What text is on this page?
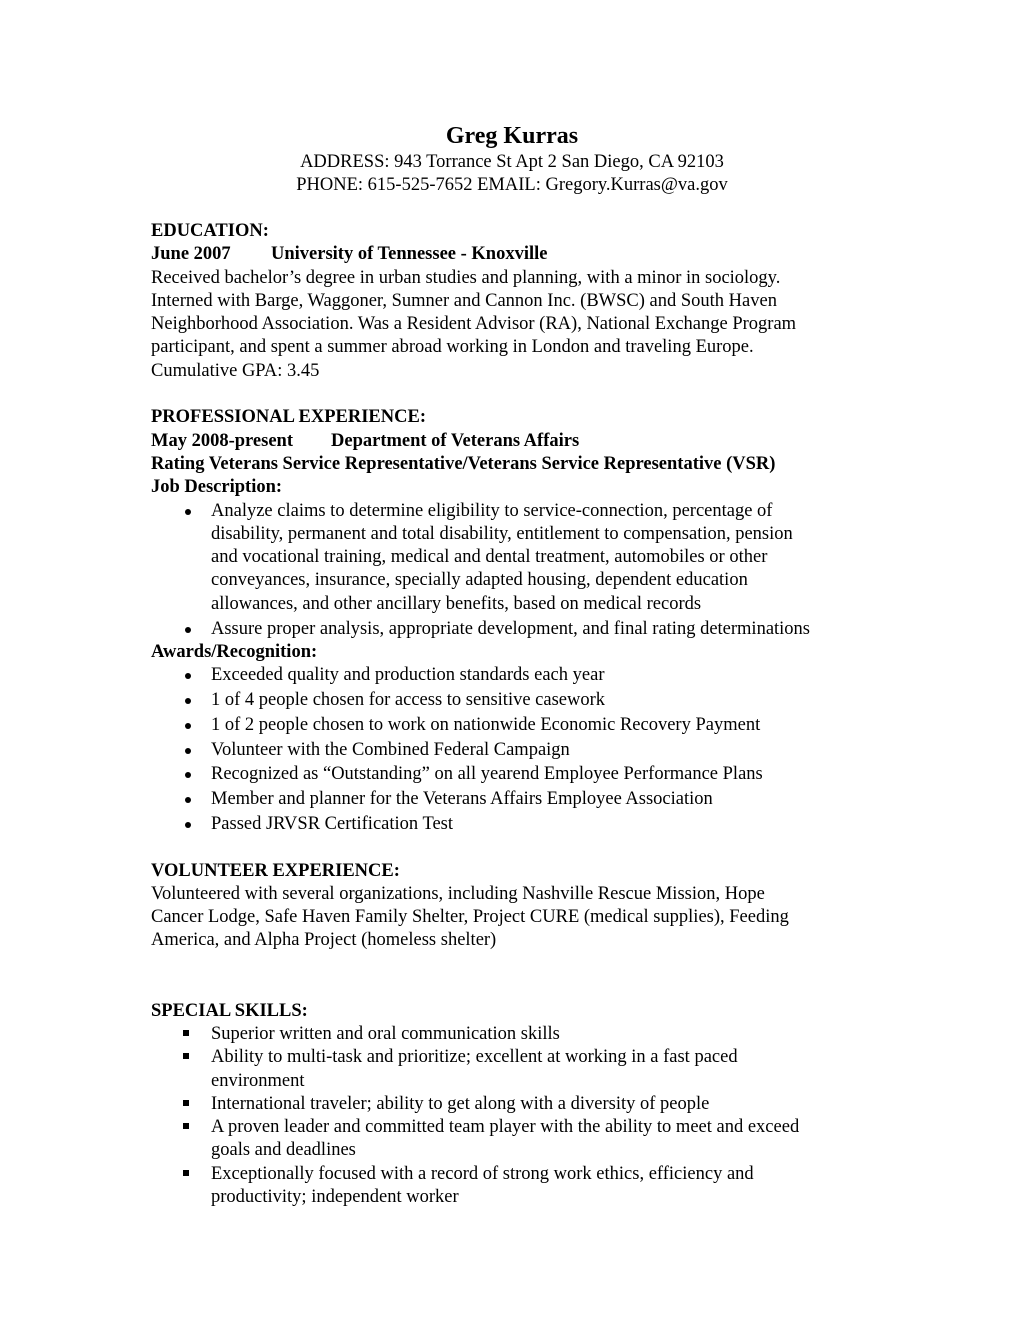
Greg Kurras
ADDRESS: 943 Torrance St Apt 2 San Diego, CA 92103
PHONE: 615-525-7652 EMAIL: Gregory.Kurras@va.gov
EDUCATION:
June 2007 University of Tennessee - Knoxville
Received bachelor’s degree in urban studies and planning, with a minor in sociology.
Interned with Barge, Waggoner, Sumner and Cannon Inc. (BWSC) and South Haven
Neighborhood Association. Was a Resident Advisor (RA), National Exchange Program
participant, and spent a summer abroad working in London and traveling Europe.
Cumulative GPA: 3.45
PROFESSIONAL EXPERIENCE:
May 2008-present Department of Veterans Affairs
Rating Veterans Service Representative/Veterans Service Representative (VSR)
Job Description:
Analyze claims to determine eligibility to service-connection, percentage of
disability, permanent and total disability, entitlement to compensation, pension
and vocational training, medical and dental treatment, automobiles or other
conveyances, insurance, specially adapted housing, dependent education
allowances, and other ancillary benefits, based on medical records
Assure proper analysis, appropriate development, and final rating determinations
Awards/Recognition:
Exceeded quality and production standards each year
1 of 4 people chosen for access to sensitive casework
1 of 2 people chosen to work on nationwide Economic Recovery Payment
Volunteer with the Combined Federal Campaign
Recognized as “Outstanding” on all yearend Employee Performance Plans
Member and planner for the Veterans Affairs Employee Association
Passed JRVSR Certification Test
VOLUNTEER EXPERIENCE:
Volunteered with several organizations, including Nashville Rescue Mission, Hope
Cancer Lodge, Safe Haven Family Shelter, Project CURE (medical supplies), Feeding
America, and Alpha Project (homeless shelter)
SPECIAL SKILLS:
Superior written and oral communication skills
Ability to multi-task and prioritize; excellent at working in a fast paced
environment
International traveler; ability to get along with a diversity of people
A proven leader and committed team player with the ability to meet and exceed
goals and deadlines
Exceptionally focused with a record of strong work ethics, efficiency and
productivity; independent worker
